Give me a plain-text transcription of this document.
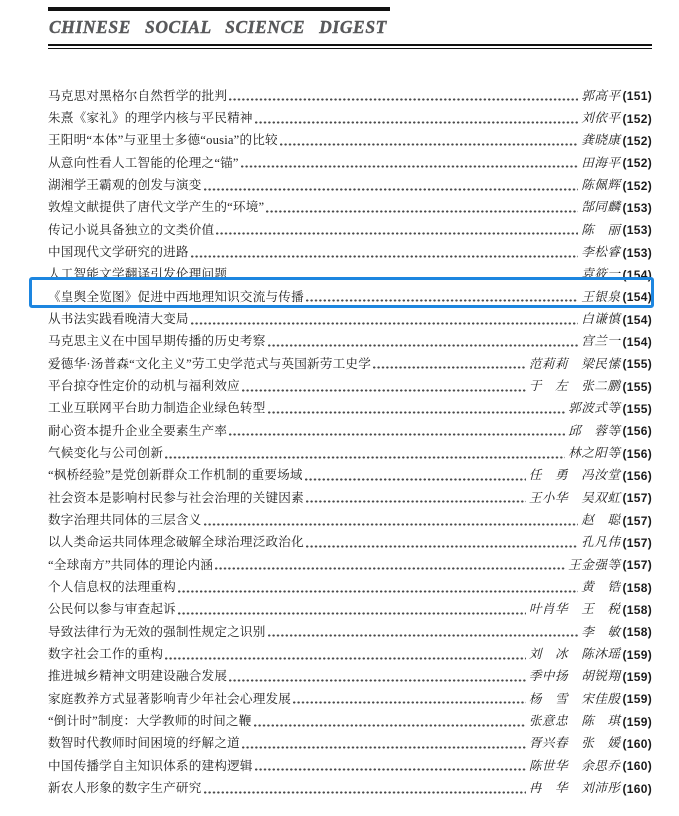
CHINESE SOCIAL SCIENCE DIGEST
马克思对黑格尔自然哲学的批判	郭高平 (151)
朱熹《家礼》的理学内核与平民精神	刘依平 (152)
王阳明“本体”与亚里士多德“ousia”的比较	龚晓康 (152)
从意向性看人工智能的伦理之“锚”	田海平 (152)
湖湘学王霸观的创发与演变	陈佩辉 (152)
敦煌文献提供了唐代文学产生的“环境”	郜同麟 (153)
传记小说具备独立的文类价值	陈　丽 (153)
中国现代文学研究的进路	李松睿 (153)
人工智能文学翻译引发伦理问题	袁筱一 (154)
《皇舆全览图》促进中西地理知识交流与传播	王银泉 (154)
从书法实践看晚清大变局	白谦慎 (154)
马克思主义在中国早期传播的历史考察	宫兰一 (154)
爱德华·汤普森“文化主义”劳工史学范式与英国新劳工史学	范莉莉　梁民愫 (155)
平台掠夺性定价的动机与福利效应	于　左　张二鹏 (155)
工业互联网平台助力制造企业绿色转型	郭波式等 (155)
耐心资本提升企业全要素生产率	邱　蓉等 (156)
气候变化与公司创新	林之阳等 (156)
“枫桥经验”是党创新群众工作机制的重要场域	任　勇　冯汝堂 (156)
社会资本是影响村民参与社会治理的关键因素	王小华　吴双虹 (157)
数字治理共同体的三层含义	赵　聪 (157)
以人类命运共同体理念破解全球治理泛政治化	孔凡伟 (157)
“全球南方”共同体的理论内涵	王金强等 (157)
个人信息权的法理重构	黄　锆 (158)
公民何以参与审查起诉	叶肖华　王　税 (158)
导致法律行为无效的强制性规定之识别	李　敏 (158)
数字社会工作的重构	刘　冰　陈沐瑶 (159)
推进城乡精神文明建设融合发展	季中扬　胡锐翔 (159)
家庭教养方式显著影响青少年社会心理发展	杨　雪　宋佳殷 (159)
“倒计时”制度：大学教师的时间之鞭	张意忠　陈　琪 (159)
数智时代教师时间困境的纾解之道	胥兴春　张　媛 (160)
中国传播学自主知识体系的建构逻辑	陈世华　余思乔 (160)
新农人形象的数字生产研究	冉　华　刘沛彤 (160)
